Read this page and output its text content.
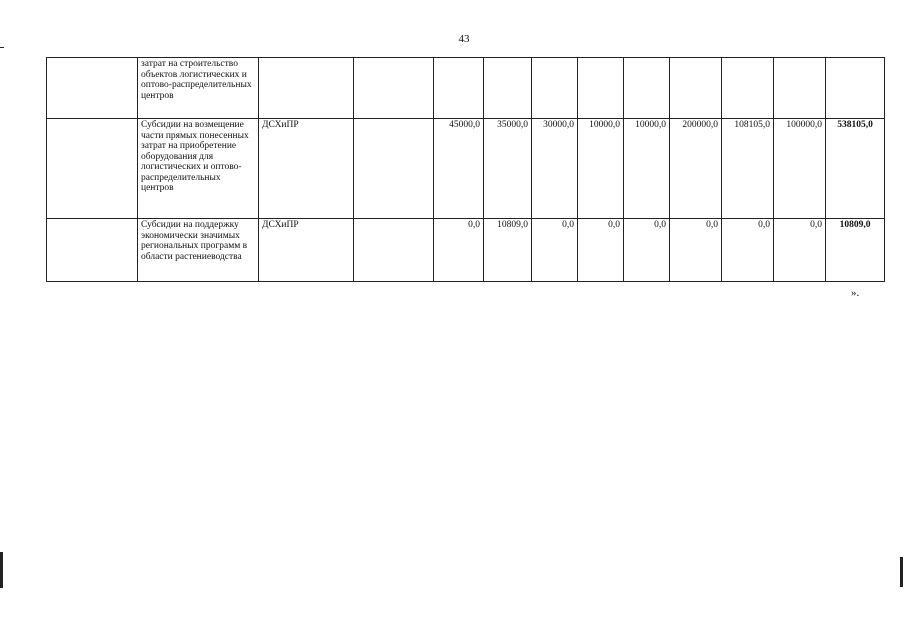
43
	затрат на строительство объектов логистических и оптово-распределительных центров											
	Субсидии на возмещение части прямых понесенных затрат на приобретение оборудования для логистических и оптово-распределительных центров	ДСХиПР		45000,0	35000,0	30000,0	10000,0	10000,0	200000,0	108105,0	100000,0	538105,0
	Субсидии на поддержку экономически значимых региональных программ в области растениеводства	ДСХиПР		0,0	10809,0	0,0	0,0	0,0	0,0	0,0	0,0	10809,0
».
